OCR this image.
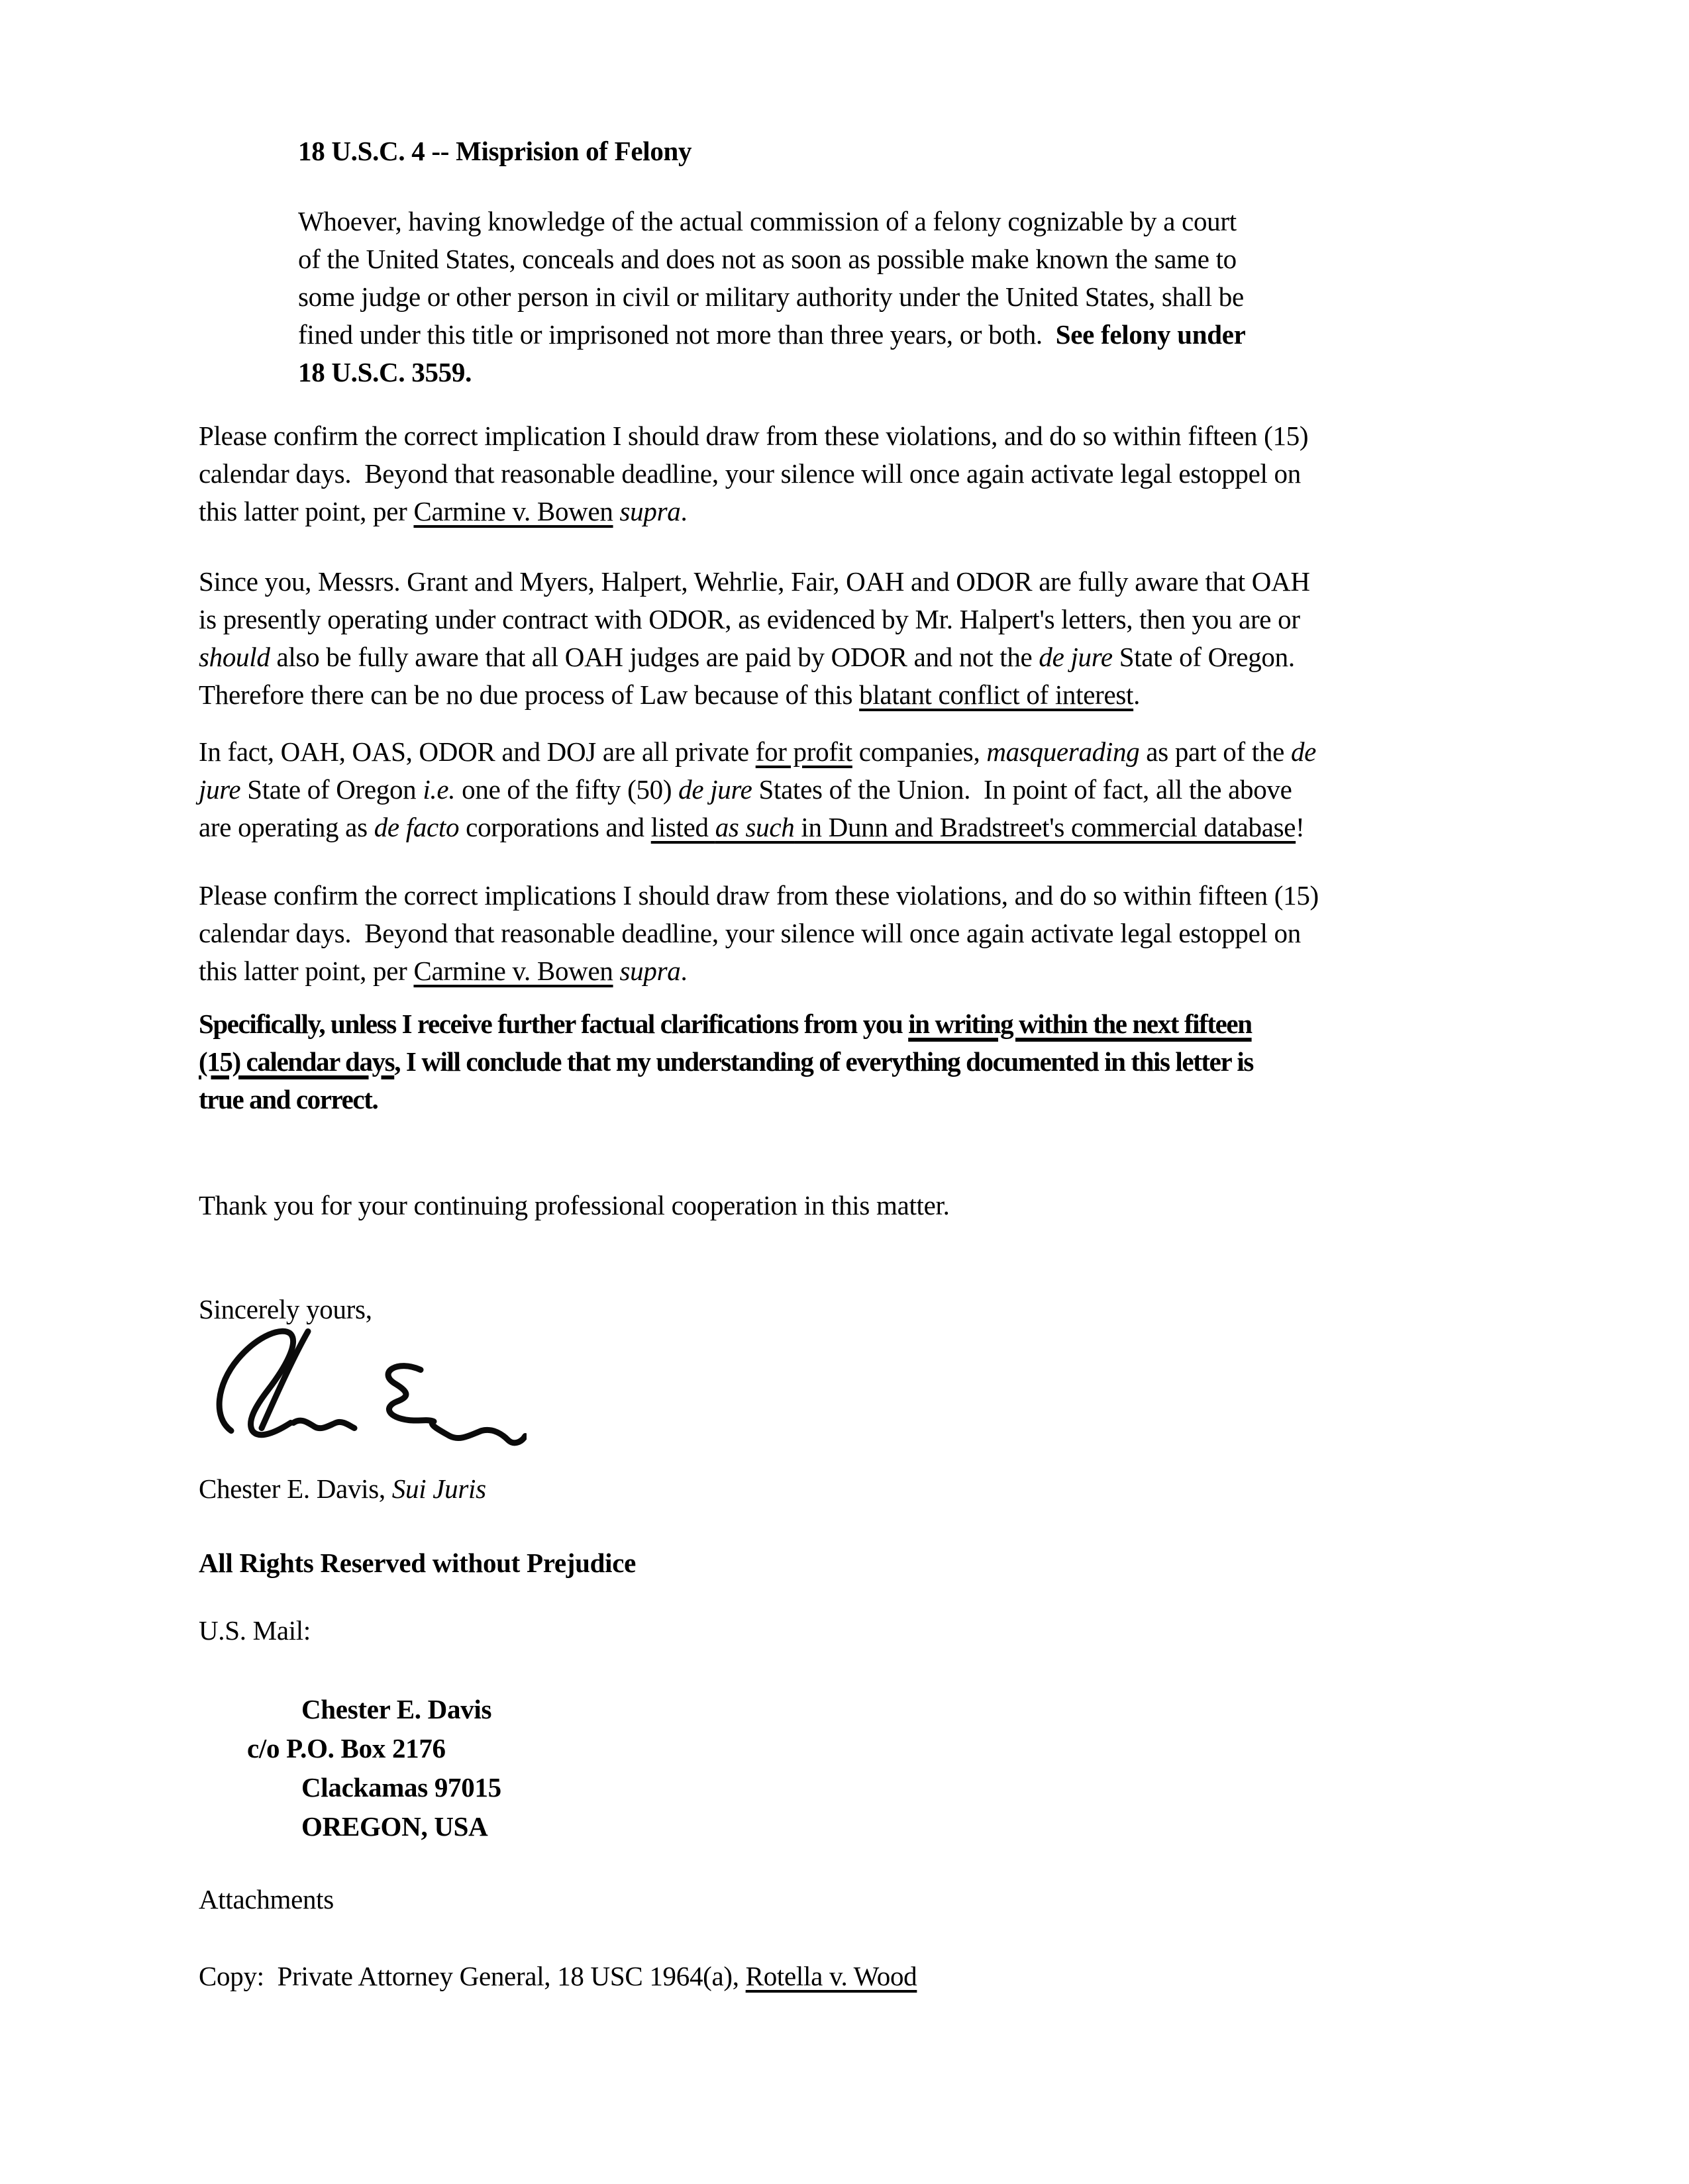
18 U.S.C. 4 -- Misprision of Felony
Whoever, having knowledge of the actual commission of a felony cognizable by a court
of the United States, conceals and does not as soon as possible make known the same to
some judge or other person in civil or military authority under the United States, shall be
fined under this title or imprisoned not more than three years, or both.  See felony under
18 U.S.C. 3559.
Please confirm the correct implication I should draw from these violations, and do so within fifteen (15)
calendar days.  Beyond that reasonable deadline, your silence will once again activate legal estoppel on
this latter point, per Carmine v. Bowen supra.
Since you, Messrs. Grant and Myers, Halpert, Wehrlie, Fair, OAH and ODOR are fully aware that OAH
is presently operating under contract with ODOR, as evidenced by Mr. Halpert's letters, then you are or
should also be fully aware that all OAH judges are paid by ODOR and not the de jure State of Oregon.
Therefore there can be no due process of Law because of this blatant conflict of interest.
In fact, OAH, OAS, ODOR and DOJ are all private for profit companies, masquerading as part of the de
jure State of Oregon i.e. one of the fifty (50) de jure States of the Union.  In point of fact, all the above
are operating as de facto corporations and listed as such in Dunn and Bradstreet's commercial database!
Please confirm the correct implications I should draw from these violations, and do so within fifteen (15)
calendar days.  Beyond that reasonable deadline, your silence will once again activate legal estoppel on
this latter point, per Carmine v. Bowen supra.
Specifically, unless I receive further factual clarifications from you in writing within the next fifteen
(15) calendar days, I will conclude that my understanding of everything documented in this letter is
true and correct.
Thank you for your continuing professional cooperation in this matter.
Sincerely yours,
Chester E. Davis, Sui Juris
All Rights Reserved without Prejudice
U.S. Mail:
Chester E. Davis
c/o P.O. Box 2176
Clackamas 97015
OREGON, USA
Attachments
Copy:  Private Attorney General, 18 USC 1964(a), Rotella v. Wood
